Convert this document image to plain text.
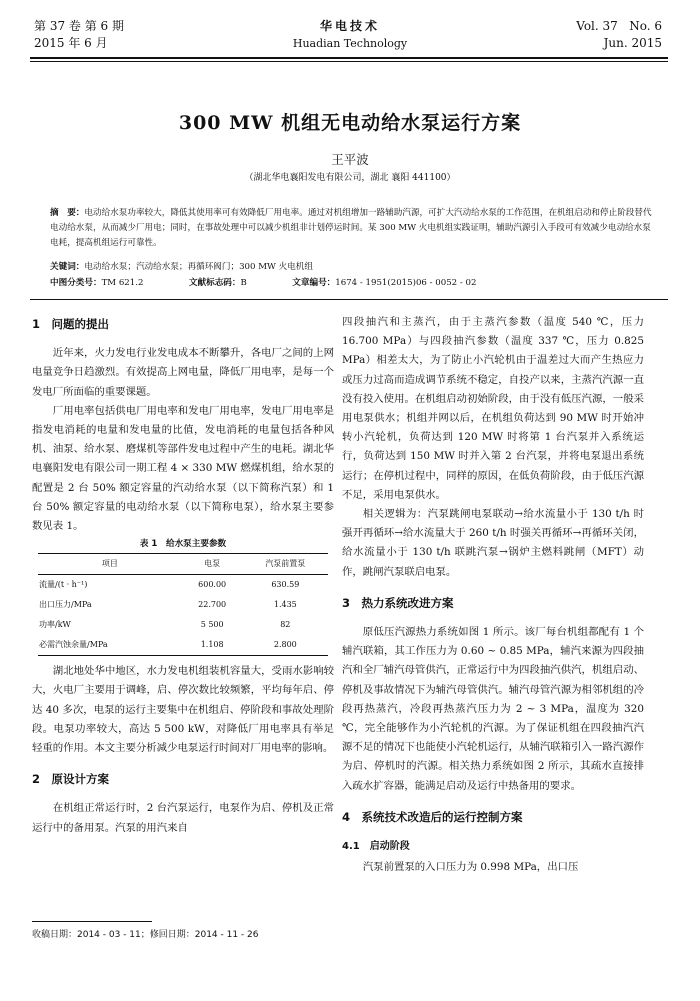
第 37 卷 第 6 期
2015 年 6 月
华电技术
Huadian Technology
Vol. 37   No. 6
Jun. 2015
300 MW 机组无电动给水泵运行方案
王平波
（湖北华电襄阳发电有限公司，湖北 襄阳 441100）
摘　要：电动给水泵功率较大，降低其使用率可有效降低厂用电率。通过对机组增加一路辅助汽源，可扩大汽动给水泵的工作范围，在机组启动和停止阶段替代电动给水泵，从而减少厂用电；同时，在事故处理中可以减少机组非计划停运时间。某 300 MW 火电机组实践证明，辅助汽源引入手段可有效减少电动给水泵电耗，提高机组运行可靠性。
关键词：电动给水泵；汽动给水泵；再循环阀门；300 MW 火电机组
中图分类号：TM 621.2	文献标志码：B	文章编号：1674 - 1951(2015)06 - 0052 - 02
1　问题的提出

近年来，火力发电行业发电成本不断攀升，各电厂之间的上网电量竞争日趋激烈。有效提高上网电量，降低厂用电率，是每一个发电厂所面临的重要课题。

厂用电率包括供电厂用电率和发电厂用电率，发电厂用电率是指发电消耗的电量和发电量的比值，发电消耗的电量包括各种风机、油泵、给水泵、磨煤机等部件发电过程中产生的电耗。湖北华电襄阳发电有限公司一期工程 4 × 330 MW 燃煤机组，给水泵的配置是 2 台 50% 额定容量的汽动给水泵（以下简称汽泵）和 1 台 50% 额定容量的电动给水泵（以下简称电泵），给水泵主要参数见表 1。

表 1　给水泵主要参数
项目	电泵	汽泵前置泵
流量/(t · h⁻¹)	600.00	630.59
出口压力/MPa	22.700	1.435
功率/kW	5 500	82
必需汽蚀余量/MPa	1.108	2.800

湖北地处华中地区，水力发电机组装机容量大，受雨水影响较大，火电厂主要用于调峰，启、停次数比较频繁，平均每年启、停达 40 多次，电泵的运行主要集中在机组启、停阶段和事故处理阶段。电泵功率较大，高达 5 500 kW，对降低厂用电率具有举足轻重的作用。本文主要分析减少电泵运行时间对厂用电率的影响。

2　原设计方案

在机组正常运行时，2 台汽泵运行，电泵作为启、停机及正常运行中的备用泵。汽泵的用汽来自

四段抽汽和主蒸汽，由于主蒸汽参数（温度 540 ℃，压力 16.700 MPa）与四段抽汽参数（温度 337 ℃，压力 0.825 MPa）相差太大，为了防止小汽轮机由于温差过大而产生热应力或压力过高而造成调节系统不稳定，自投产以来，主蒸汽汽源一直没有投入使用。在机组启动初始阶段，由于没有低压汽源，一般采用电泵供水；机组并网以后，在机组负荷达到 90 MW 时开始冲转小汽轮机，负荷达到 120 MW 时将第 1 台汽泵并入系统运行，负荷达到 150 MW 时并入第 2 台汽泵，并将电泵退出系统运行；在停机过程中，同样的原因，在低负荷阶段，由于低压汽源不足，采用电泵供水。

相关逻辑为：汽泵跳闸电泵联动→给水流量小于 130 t/h 时强开再循环→给水流量大于 260 t/h 时强关再循环→再循环关闭，给水流量小于 130 t/h 联跳汽泵→锅炉主燃料跳闸（MFT）动作，跳闸汽泵联启电泵。

3　热力系统改进方案

原低压汽源热力系统如图 1 所示。该厂每台机组都配有 1 个辅汽联箱，其工作压力为 0.60 ~ 0.85 MPa，辅汽来源为四段抽汽和全厂辅汽母管供汽，正常运行中为四段抽汽供汽，机组启动、停机及事故情况下为辅汽母管供汽。辅汽母管汽源为相邻机组的冷段再热蒸汽，冷段再热蒸汽压力为 2 ~ 3 MPa，温度为 320 ℃，完全能够作为小汽轮机的汽源。为了保证机组在四段抽汽汽源不足的情况下也能使小汽轮机运行，从辅汽联箱引入一路汽源作为启、停机时的汽源。相关热力系统如图 2 所示，其疏水直接排入疏水扩容器，能满足启动及运行中热备用的要求。

4　系统技术改造后的运行控制方案
4.1　启动阶段

汽泵前置泵的入口压力为 0.998 MPa，出口压

收稿日期：2014 - 03 - 11；修回日期：2014 - 11 - 26
